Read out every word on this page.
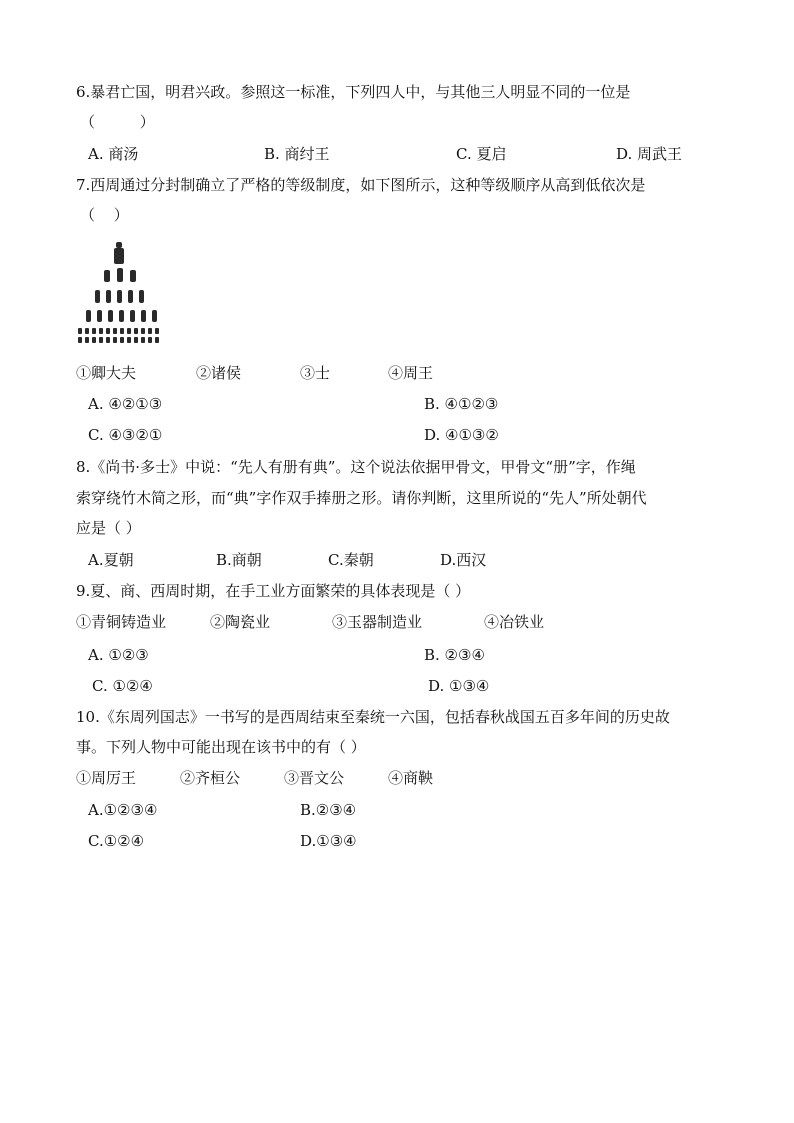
6.暴君亡国，明君兴政。参照这一标准，下列四人中，与其他三人明显不同的一位是
（ ）
A. 商汤	B. 商纣王	C. 夏启	D. 周武王
7.西周通过分封制确立了严格的等级制度，如下图所示，这种等级顺序从高到低依次是
（ ）
①卿大夫	②诸侯	③士	④周王
A. ④②①③	B. ④①②③
C. ④③②①	D. ④①③②
8.《尚书·多士》中说：“先人有册有典”。这个说法依据甲骨文，甲骨文“册”字，作绳
索穿绕竹木简之形，而“典”字作双手捧册之形。请你判断，这里所说的“先人”所处朝代
应是（ ）
A.夏朝	B.商朝	C.秦朝	D.西汉
9.夏、商、西周时期，在手工业方面繁荣的具体表现是（ ）
①青铜铸造业	②陶瓷业	③玉器制造业	④冶铁业
A. ①②③	B. ②③④
C. ①②④	D. ①③④
10.《东周列国志》一书写的是西周结束至秦统一六国，包括春秋战国五百多年间的历史故
事。下列人物中可能出现在该书中的有（ ）
①周厉王	②齐桓公	③晋文公	④商鞅
A.①②③④	B.②③④
C.①②④	D.①③④
